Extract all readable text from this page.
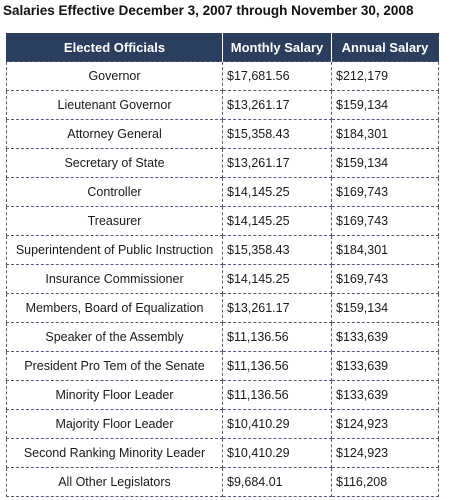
Salaries Effective December 3, 2007 through November 30, 2008
Elected Officials	Monthly Salary	Annual Salary
Governor	$17,681.56	$212,179
Lieutenant Governor	$13,261.17	$159,134
Attorney General	$15,358.43	$184,301
Secretary of State	$13,261.17	$159,134
Controller	$14,145.25	$169,743
Treasurer	$14,145.25	$169,743
Superintendent of Public Instruction	$15,358.43	$184,301
Insurance Commissioner	$14,145.25	$169,743
Members, Board of Equalization	$13,261.17	$159,134
Speaker of the Assembly	$11,136.56	$133,639
President Pro Tem of the Senate	$11,136.56	$133,639
Minority Floor Leader	$11,136.56	$133,639
Majority Floor Leader	$10,410.29	$124,923
Second Ranking Minority Leader	$10,410.29	$124,923
All Other Legislators	$9,684.01	$116,208
